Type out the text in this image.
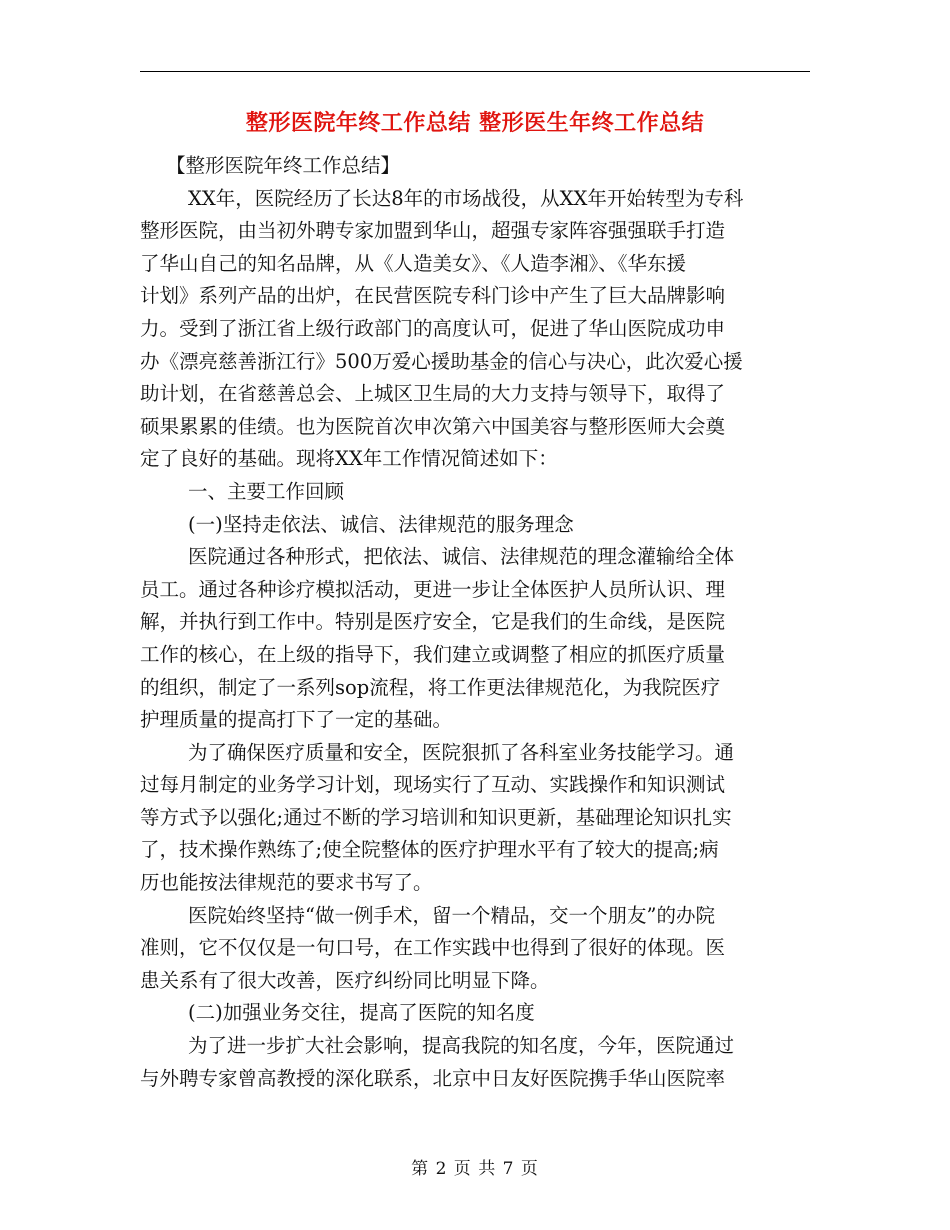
整形医院年终工作总结 整形医生年终工作总结
【整形医院年终工作总结】
XX年，医院经历了长达8年的市场战役，从XX年开始转型为专科
整形医院，由当初外聘专家加盟到华山，超强专家阵容强强联手打造
了华山自己的知名品牌，从《人造美女》、《人造李湘》、《华东援
计划》系列产品的出炉，在民营医院专科门诊中产生了巨大品牌影响
力。受到了浙江省上级行政部门的高度认可，促进了华山医院成功申
办《漂亮慈善浙江行》500万爱心援助基金的信心与决心，此次爱心援
助计划，在省慈善总会、上城区卫生局的大力支持与领导下，取得了
硕果累累的佳绩。也为医院首次申次第六中国美容与整形医师大会奠
定了良好的基础。现将XX年工作情况简述如下：
一、主要工作回顾
(一)坚持走依法、诚信、法律规范的服务理念
医院通过各种形式，把依法、诚信、法律规范的理念灌输给全体
员工。通过各种诊疗模拟活动，更进一步让全体医护人员所认识、理
解，并执行到工作中。特别是医疗安全，它是我们的生命线，是医院
工作的核心，在上级的指导下，我们建立或调整了相应的抓医疗质量
的组织，制定了一系列sop流程，将工作更法律规范化，为我院医疗
护理质量的提高打下了一定的基础。
为了确保医疗质量和安全，医院狠抓了各科室业务技能学习。通
过每月制定的业务学习计划，现场实行了互动、实践操作和知识测试
等方式予以强化;通过不断的学习培训和知识更新，基础理论知识扎实
了，技术操作熟练了;使全院整体的医疗护理水平有了较大的提高;病
历也能按法律规范的要求书写了。
医院始终坚持“做一例手术，留一个精品，交一个朋友”的办院
准则，它不仅仅是一句口号，在工作实践中也得到了很好的体现。医
患关系有了很大改善，医疗纠纷同比明显下降。
(二)加强业务交往，提高了医院的知名度
为了进一步扩大社会影响，提高我院的知名度，今年，医院通过
与外聘专家曾高教授的深化联系，北京中日友好医院携手华山医院率
第 2 页 共 7 页
